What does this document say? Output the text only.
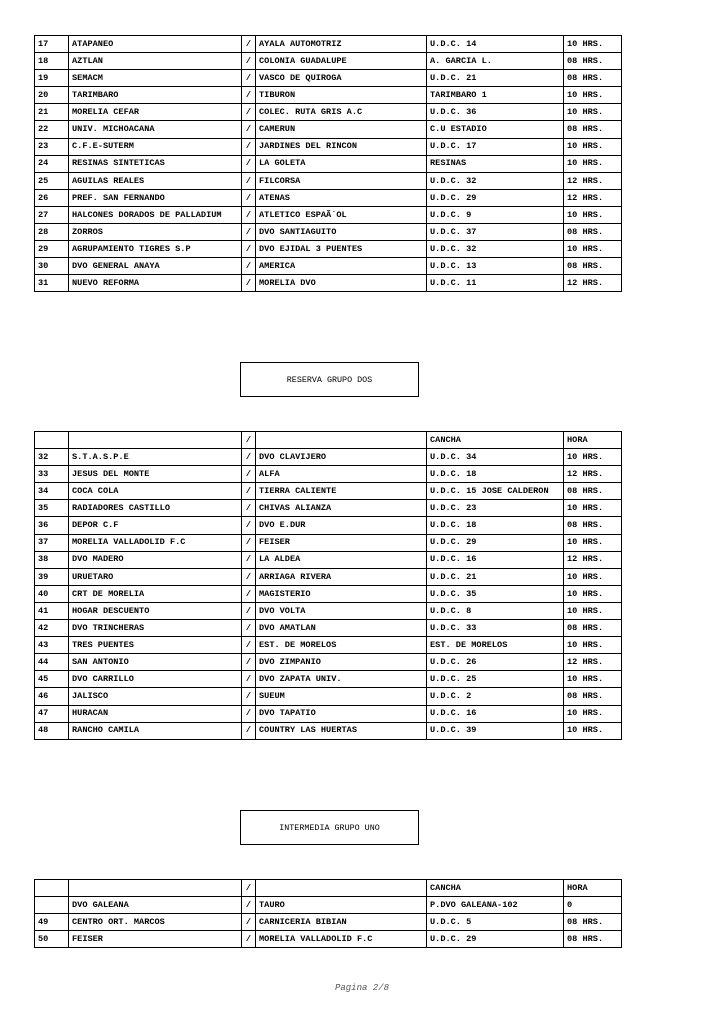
17	ATAPANEO	/	AYALA AUTOMOTRIZ	U.D.C. 14	10 HRS.
18	AZTLAN	/	COLONIA GUADALUPE	A. GARCIA L.	08 HRS.
19	SEMACM	/	VASCO DE QUIROGA	U.D.C. 21	08 HRS.
20	TARIMBARO	/	TIBURON	TARIMBARO 1	10 HRS.
21	MORELIA CEFAR	/	COLEC. RUTA GRIS A.C	U.D.C. 36	10 HRS.
22	UNIV. MICHOACANA	/	CAMERUN	C.U ESTADIO	08 HRS.
23	C.F.E-SUTERM	/	JARDINES DEL RINCON	U.D.C. 17	10 HRS.
24	RESINAS SINTETICAS	/	LA GOLETA	RESINAS	10 HRS.
25	AGUILAS REALES	/	FILCORSA	U.D.C. 32	12 HRS.
26	PREF. SAN FERNANDO	/	ATENAS	U.D.C. 29	12 HRS.
27	HALCONES DORADOS DE PALLADIUM	/	ATLETICO ESPAÃ`OL	U.D.C. 9	10 HRS.
28	ZORROS	/	DVO SANTIAGUITO	U.D.C. 37	08 HRS.
29	AGRUPAMIENTO TIGRES S.P	/	DVO EJIDAL 3 PUENTES	U.D.C. 32	10 HRS.
30	DVO GENERAL ANAYA	/	AMERICA	U.D.C. 13	08 HRS.
31	NUEVO REFORMA	/	MORELIA DVO	U.D.C. 11	12 HRS.
RESERVA GRUPO DOS
		/		CANCHA	HORA
32	S.T.A.S.P.E	/	DVO CLAVIJERO	U.D.C. 34	10 HRS.
33	JESUS DEL MONTE	/	ALFA	U.D.C. 18	12 HRS.
34	COCA COLA	/	TIERRA CALIENTE	U.D.C. 15 JOSE CALDERON	08 HRS.
35	RADIADORES CASTILLO	/	CHIVAS ALIANZA	U.D.C. 23	10 HRS.
36	DEPOR C.F	/	DVO E.DUR	U.D.C. 18	08 HRS.
37	MORELIA VALLADOLID F.C	/	FEISER	U.D.C. 29	10 HRS.
38	DVO MADERO	/	LA ALDEA	U.D.C. 16	12 HRS.
39	URUETARO	/	ARRIAGA RIVERA	U.D.C. 21	10 HRS.
40	CRT DE MORELIA	/	MAGISTERIO	U.D.C. 35	10 HRS.
41	HOGAR DESCUENTO	/	DVO VOLTA	U.D.C. 8	10 HRS.
42	DVO TRINCHERAS	/	DVO AMATLAN	U.D.C. 33	08 HRS.
43	TRES PUENTES	/	EST. DE MORELOS	EST. DE MORELOS	10 HRS.
44	SAN ANTONIO	/	DVO ZIMPANIO	U.D.C. 26	12 HRS.
45	DVO CARRILLO	/	DVO ZAPATA UNIV.	U.D.C. 25	10 HRS.
46	JALISCO	/	SUEUM	U.D.C. 2	08 HRS.
47	HURACAN	/	DVO TAPATIO	U.D.C. 16	10 HRS.
48	RANCHO CAMILA	/	COUNTRY LAS HUERTAS	U.D.C. 39	10 HRS.
INTERMEDIA GRUPO UNO
		/		CANCHA	HORA
	DVO GALEANA	/	TAURO	P.DVO GALEANA-102	0
49	CENTRO ORT. MARCOS	/	CARNICERIA BIBIAN	U.D.C. 5	08 HRS.
50	FEISER	/	MORELIA VALLADOLID F.C	U.D.C. 29	08 HRS.
Pagina 2/8
